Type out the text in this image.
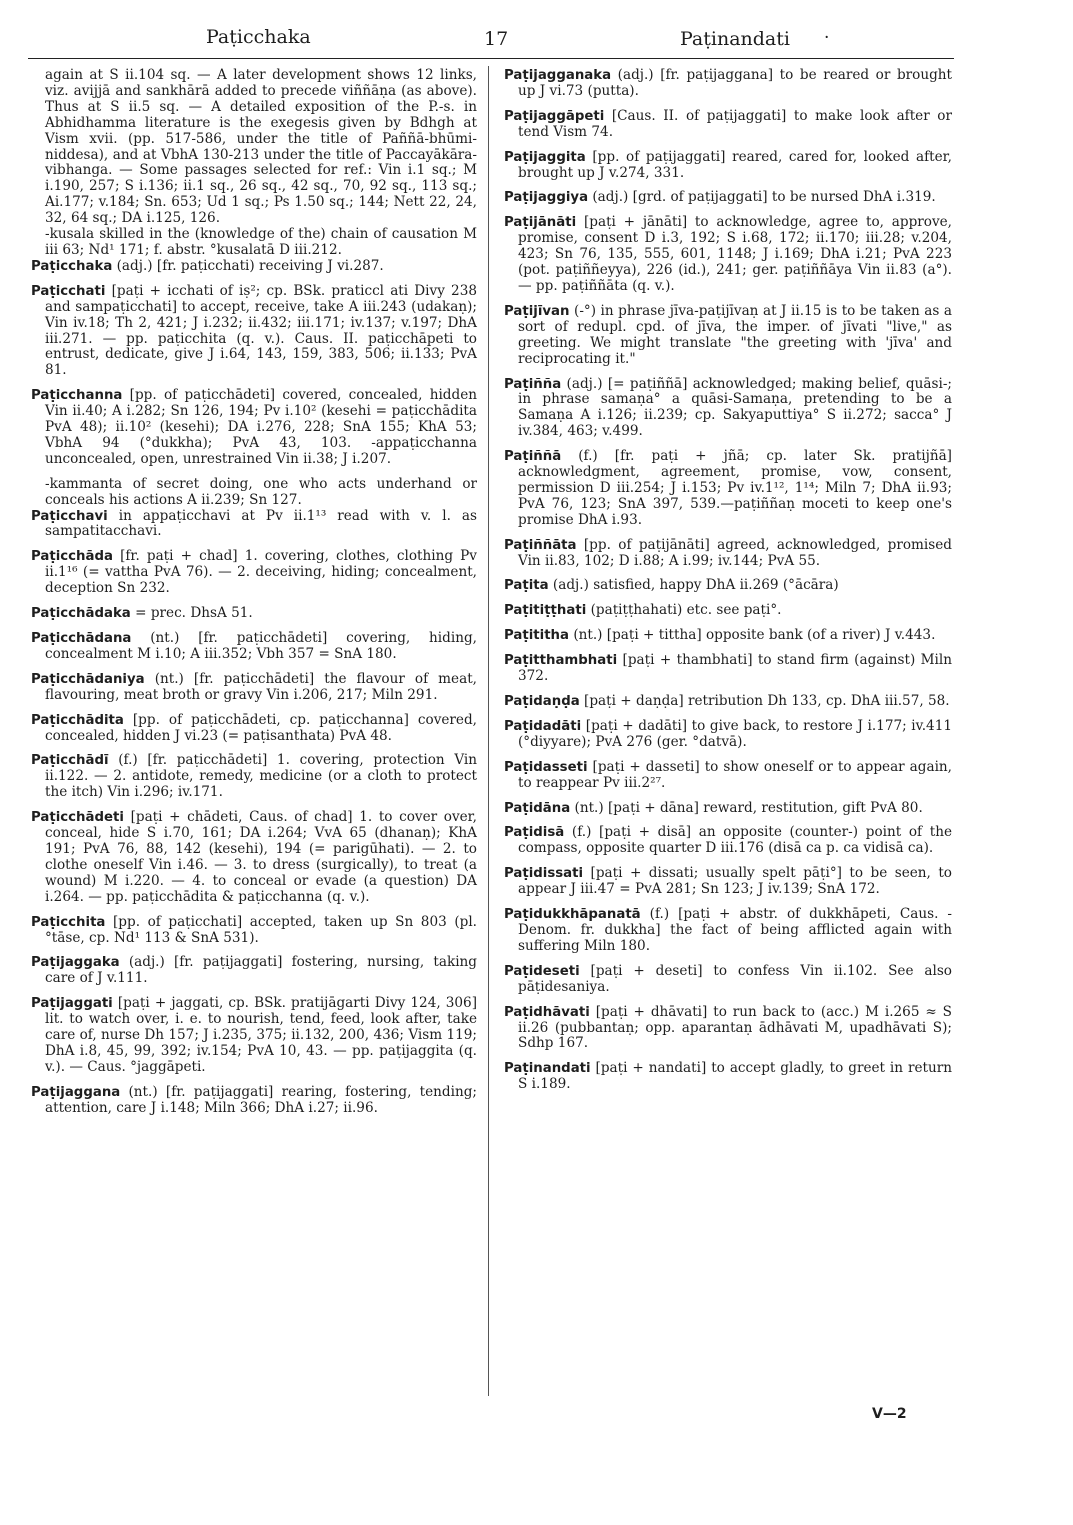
Paṭicchaka	17	Paṭinandati ·

again at S ii.104 sq. — A later development shows 12 links, viz. avijjā and sankhārā added to precede viññāṇa (as above). Thus at S ii.5 sq. — A detailed exposition of the P.-s. in Abhidhamma literature is the exegesis given by Bdhgh at Vism xvii. (pp. 517-586, under the title of Paññā-bhūmi-niddesa), and at VbhA 130-213 under the title of Paccayākāra-vibhanga. — Some passages selected for ref.: Vin i.1 sq.; M i.190, 257; S i.136; ii.1 sq., 26 sq., 42 sq., 70, 92 sq., 113 sq.; Ai.177; v.184; Sn. 653; Ud 1 sq.; Ps 1.50 sq.; 144; Nett 22, 24, 32, 64 sq.; DA i.125, 126.

-kusala skilled in the (knowledge of the) chain of causation M iii 63; Nd¹ 171; f. abstr. °kusalatā D iii.212.

Paṭicchaka (adj.) [fr. paṭicchati) receiving J vi.287.

Paṭicchati [paṭi + icchati of iṣ²; cp. BSk. praticcl ati Divy 238 and sampaṭicchati] to accept, receive, take A iii.243 (udakaṇ); Vin iv.18; Th 2, 421; J i.232; ii.432; iii.171; iv.137; v.197; DhA iii.271. — pp. paṭicchita (q. v.). Caus. II. paṭicchāpeti to entrust, dedicate, give J i.64, 143, 159, 383, 506; ii.133; PvA 81.

Paṭicchanna [pp. of paṭicchādeti] covered, concealed, hidden Vin ii.40; A i.282; Sn 126, 194; Pv i.10² (kesehi = paṭicchādita PvA 48); ii.10² (kesehi); DA i.276, 228; SnA 155; KhA 53; VbhA 94 (°dukkha); PvA 43, 103. -appaṭicchanna unconcealed, open, unrestrained Vin ii.38; J i.207.

-kammanta of secret doing, one who acts underhand or conceals his actions A ii.239; Sn 127.

Paṭicchavi in appaṭicchavi at Pv ii.1¹³ read with v. l. as sampatitacchavi.

Paṭicchāda [fr. paṭi + chad] 1. covering, clothes, clothing Pv ii.1¹⁶ (= vattha PvA 76). — 2. deceiving, hiding; concealment, deception Sn 232.

Paṭicchādaka = prec. DhsA 51.

Paṭicchādana (nt.) [fr. paṭicchādeti] covering, hiding, concealment M i.10; A iii.352; Vbh 357 = SnA 180.

Paṭicchādaniya (nt.) [fr. paṭicchādeti] the flavour of meat, flavouring, meat broth or gravy Vin i.206, 217; Miln 291.

Paṭicchādita [pp. of paṭicchādeti, cp. paṭicchanna] covered, concealed, hidden J vi.23 (= paṭisanthata) PvA 48.

Paṭicchādī (f.) [fr. paṭicchādeti] 1. covering, protection Vin ii.122. — 2. antidote, remedy, medicine (or a cloth to protect the itch) Vin i.296; iv.171.

Paṭicchādeti [paṭi + chādeti, Caus. of chad] 1. to cover over, conceal, hide S i.70, 161; DA i.264; VvA 65 (dhanaṇ); KhA 191; PvA 76, 88, 142 (kesehi), 194 (= parigūhati). — 2. to clothe oneself Vin i.46. — 3. to dress (surgically), to treat (a wound) M i.220. — 4. to conceal or evade (a question) DA i.264. — pp. paṭicchādita & paṭicchanna (q. v.).

Paṭicchita [pp. of paṭicchati] accepted, taken up Sn 803 (pl. °tāse, cp. Nd¹ 113 & SnA 531).

Paṭijaggaka (adj.) [fr. paṭijaggati] fostering, nursing, taking care of J v.111.

Paṭijaggati [paṭi + jaggati, cp. BSk. pratijāgarti Divy 124, 306] lit. to watch over, i. e. to nourish, tend, feed, look after, take care of, nurse Dh 157; J i.235, 375; ii.132, 200, 436; Vism 119; DhA i.8, 45, 99, 392; iv.154; PvA 10, 43. — pp. paṭijaggita (q. v.). — Caus. °jaggāpeti.

Paṭijaggana (nt.) [fr. paṭijaggati] rearing, fostering, tending; attention, care J i.148; Miln 366; DhA i.27; ii.96.

Paṭijagganaka (adj.) [fr. paṭijaggana] to be reared or brought up J vi.73 (putta).

Paṭijaggāpeti [Caus. II. of paṭijaggati] to make look after or tend Vism 74.

Paṭijaggita [pp. of paṭijaggati] reared, cared for, looked after, brought up J v.274, 331.

Paṭijaggiya (adj.) [grd. of paṭijaggati] to be nursed DhA i.319.

Paṭijānāti [paṭi + jānāti] to acknowledge, agree to, approve, promise, consent D i.3, 192; S i.68, 172; ii.170; iii.28; v.204, 423; Sn 76, 135, 555, 601, 1148; J i.169; DhA i.21; PvA 223 (pot. paṭiññeyya), 226 (id.), 241; ger. paṭiññāya Vin ii.83 (a°). — pp. paṭiññāta (q. v.).

Paṭijīvan (-°) in phrase jīva-paṭijīvaṇ at J ii.15 is to be taken as a sort of redupl. cpd. of jīva, the imper. of jīvati "live," as greeting. We might translate "the greeting with 'jīva' and reciprocating it."

Paṭiñña (adj.) [= paṭiññā] acknowledged; making belief, quāsi-; in phrase samaṇa° a quāsi-Samaṇa, pretending to be a Samaṇa A i.126; ii.239; cp. Sakyaputtiya° S ii.272; sacca° J iv.384, 463; v.499.

Paṭiññā (f.) [fr. paṭi + jñā; cp. later Sk. pratijñā] acknowledgment, agreement, promise, vow, consent, permission D iii.254; J i.153; Pv iv.1¹², 1¹⁴; Miln 7; DhA ii.93; PvA 76, 123; SnA 397, 539.—paṭiññaṇ moceti to keep one's promise DhA i.93.

Paṭiññāta [pp. of paṭijānāti] agreed, acknowledged, promised Vin ii.83, 102; D i.88; A i.99; iv.144; PvA 55.

Paṭita (adj.) satisfied, happy DhA ii.269 (°ācāra)

Paṭitiṭṭhati (paṭiṭṭhahati) etc. see paṭi°.

Paṭititha (nt.) [paṭi + tittha] opposite bank (of a river) J v.443.

Paṭitthambhati [paṭi + thambhati] to stand firm (against) Miln 372.

Paṭidaṇḍa [paṭi + daṇḍa] retribution Dh 133, cp. DhA iii.57, 58.

Paṭidadāti [paṭi + dadāti] to give back, to restore J i.177; iv.411 (°diyyare); PvA 276 (ger. °datvā).

Paṭidasseti [paṭi + dasseti] to show oneself or to appear again, to reappear Pv iii.2²⁷.

Paṭidāna (nt.) [paṭi + dāna] reward, restitution, gift PvA 80.

Paṭidisā (f.) [paṭi + disā] an opposite (counter-) point of the compass, opposite quarter D iii.176 (disā ca p. ca vidisā ca).

Paṭidissati [paṭi + dissati; usually spelt pāṭi°] to be seen, to appear J iii.47 = PvA 281; Sn 123; J iv.139; SnA 172.

Paṭidukkhāpanatā (f.) [paṭi + abstr. of dukkhāpeti, Caus. -Denom. fr. dukkha] the fact of being afflicted again with suffering Miln 180.

Paṭideseti [paṭi + deseti] to confess Vin ii.102. See also pāṭidesaniya.

Paṭidhāvati [paṭi + dhāvati] to run back to (acc.) M i.265 ≈ S ii.26 (pubbantaṇ; opp. aparantaṇ ādhāvati M, upadhāvati S); Sdhp 167.

Paṭinandati [paṭi + nandati] to accept gladly, to greet in return S i.189.

V—2
